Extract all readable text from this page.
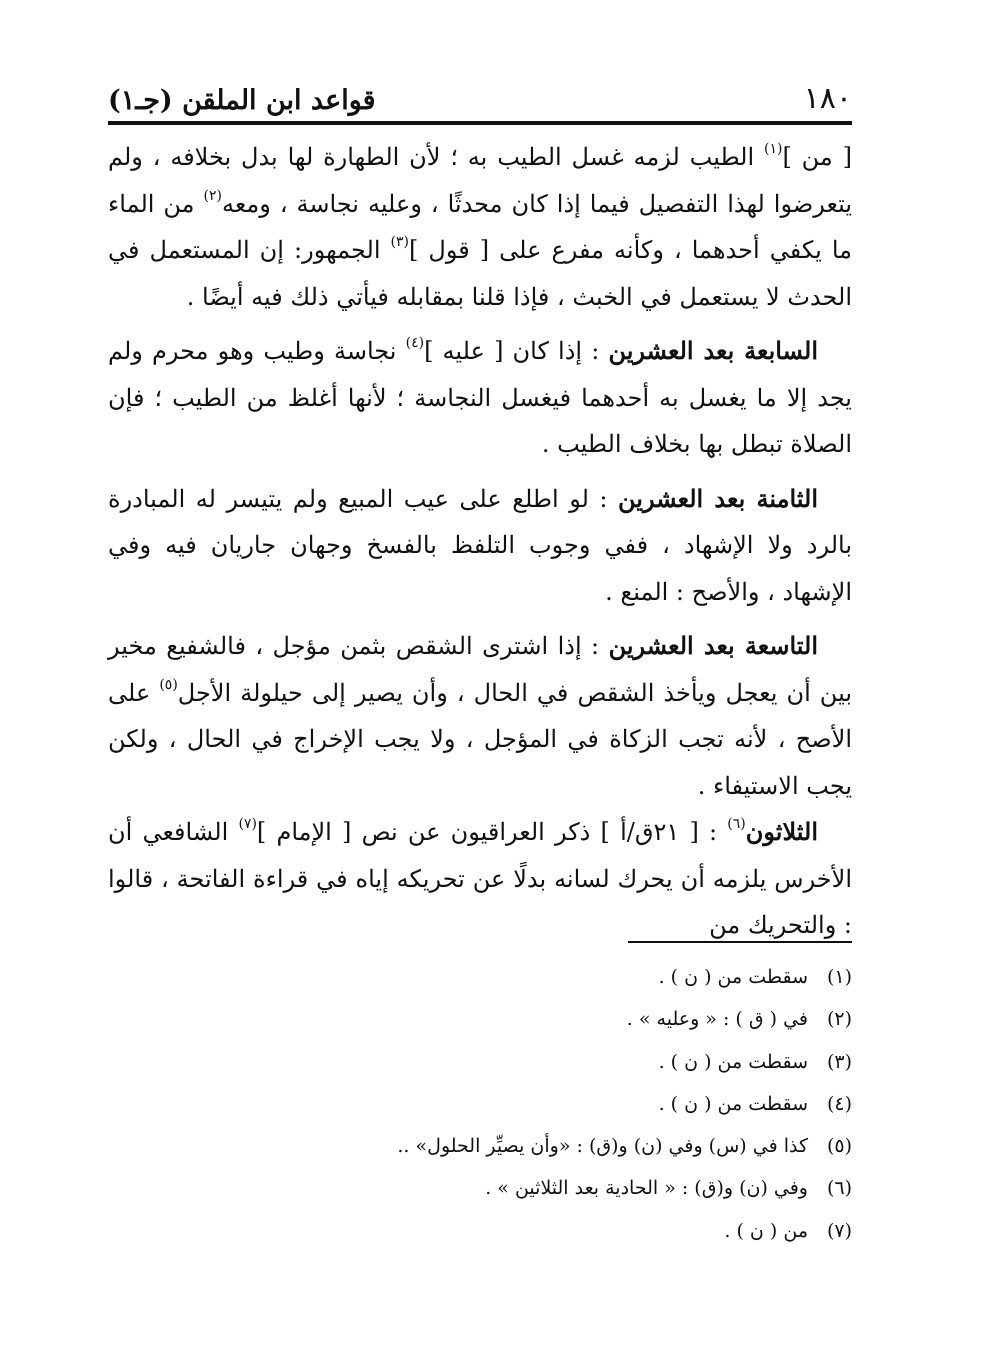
١٨٠
قواعد ابن الملقن (جـ١)

[ من ]$^{(١)}$ الطيب لزمه غسل الطيب به ؛ لأن الطهارة لها بدل بخلافه ، ولم يتعرضوا لهذا التفصيل فيما إذا كان محدثًا ، وعليه نجاسة ، ومعه$^{(٢)}$ من الماء ما يكفي أحدهما ، وكأنه مفرع على [ قول ]$^{(٣)}$ الجمهور: إن المستعمل في الحدث لا يستعمل في الخبث ، فإذا قلنا بمقابله فيأتي ذلك فيه أيضًا .

السابعة بعد العشرين : إذا كان [ عليه ]$^{(٤)}$ نجاسة وطيب وهو محرم ولم يجد إلا ما يغسل به أحدهما فيغسل النجاسة ؛ لأنها أغلظ من الطيب ؛ فإن الصلاة تبطل بها بخلاف الطيب .

الثامنة بعد العشرين : لو اطلع على عيب المبيع ولم يتيسر له المبادرة بالرد ولا الإشهاد ، ففي وجوب التلفظ بالفسخ وجهان جاريان فيه وفي الإشهاد ، والأصح : المنع .

التاسعة بعد العشرين : إذا اشترى الشقص بثمن مؤجل ، فالشفيع مخير بين أن يعجل ويأخذ الشقص في الحال ، وأن يصير إلى حيلولة الأجل$^{(٥)}$ على الأصح ، لأنه تجب الزكاة في المؤجل ، ولا يجب الإخراج في الحال ، ولكن يجب الاستيفاء .

الثلاثون$^{(٦)}$ : [ ٢١ق/أ ] ذكر العراقيون عن نص [ الإمام ]$^{(٧)}$ الشافعي أن الأخرس يلزمه أن يحرك لسانه بدلًا عن تحريكه إياه في قراءة الفاتحة ، قالوا : والتحريك من

(١)سقطت من ( ن ) .
(٢)في ( ق ) : « وعليه » .
(٣)سقطت من ( ن ) .
(٤)سقطت من ( ن ) .
(٥)كذا في (س) وفي (ن) و(ق) : «وأن يصيِّر الحلول» ..
(٦)وفي (ن) و(ق) : « الحادية بعد الثلاثين » .
(٧)من ( ن ) .
